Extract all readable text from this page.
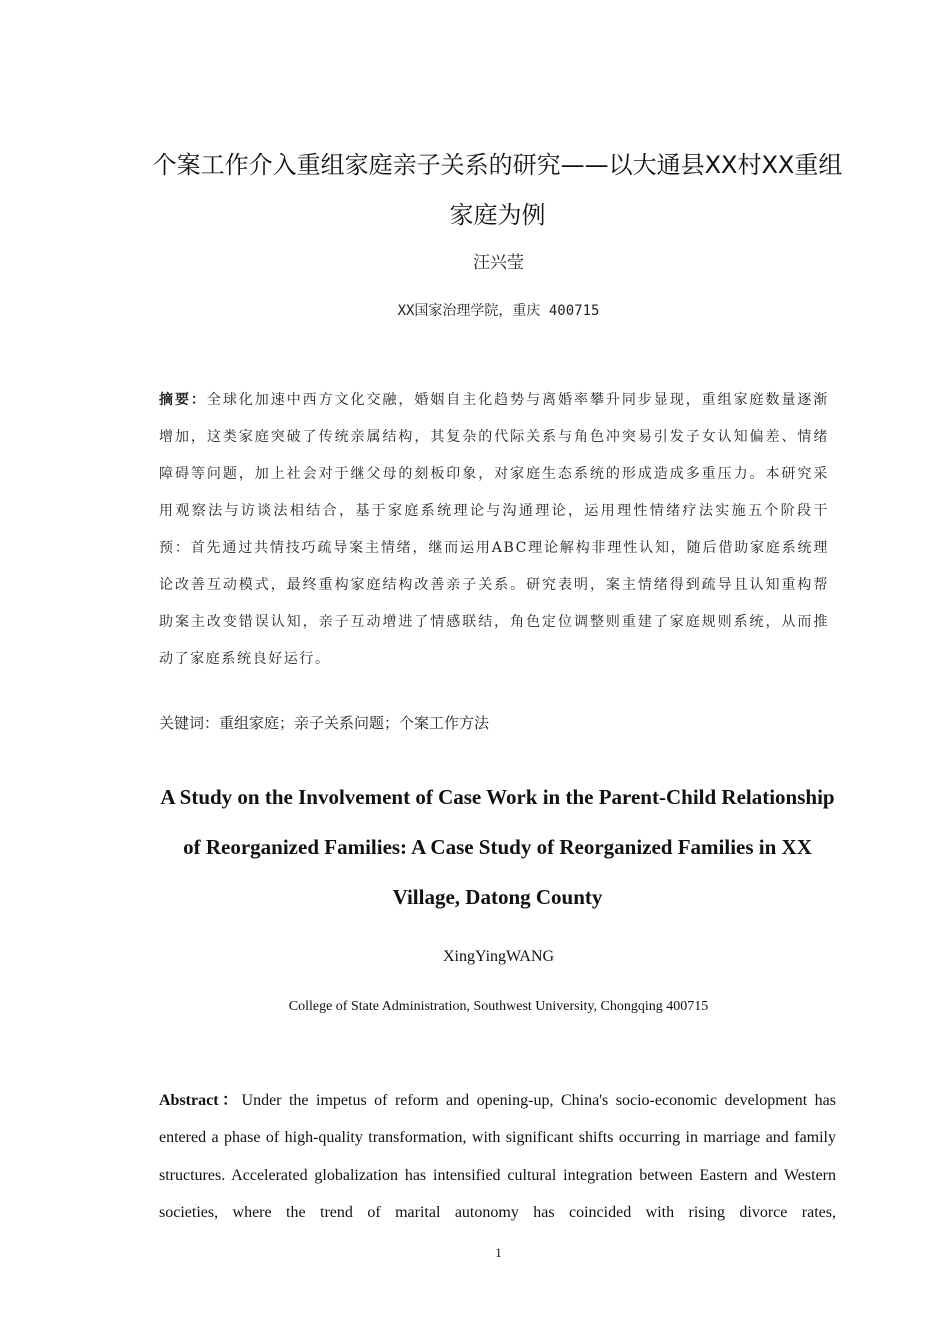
个案工作介入重组家庭亲子关系的研究——以大通县XX村XX重组家庭为例
汪兴莹
XX国家治理学院，重庆 400715

摘要：全球化加速中西方文化交融，婚姻自主化趋势与离婚率攀升同步显现，重组家庭数量逐渐增加，这类家庭突破了传统亲属结构，其复杂的代际关系与角色冲突易引发子女认知偏差、情绪障碍等问题，加上社会对于继父母的刻板印象，对家庭生态系统的形成造成多重压力。本研究采用观察法与访谈法相结合，基于家庭系统理论与沟通理论，运用理性情绪疗法实施五个阶段干预：首先通过共情技巧疏导案主情绪，继而运用ABC理论解构非理性认知，随后借助家庭系统理论改善互动模式，最终重构家庭结构改善亲子关系。研究表明，案主情绪得到疏导且认知重构帮助案主改变错误认知，亲子互动增进了情感联结，角色定位调整则重建了家庭规则系统，从而推动了家庭系统良好运行。

关键词：重组家庭；亲子关系问题；个案工作方法
A Study on the Involvement of Case Work in the Parent-Child Relationship of Reorganized Families: A Case Study of Reorganized Families in XX Village, Datong County
XingYingWANG
College of State Administration, Southwest University, Chongqing 400715

Abstract：Under the impetus of reform and opening-up, China's socio-economic development has entered a phase of high-quality transformation, with significant shifts occurring in marriage and family structures. Accelerated globalization has intensified cultural integration between Eastern and Western societies, where the trend of marital autonomy has coincided with rising divorce rates,

1
